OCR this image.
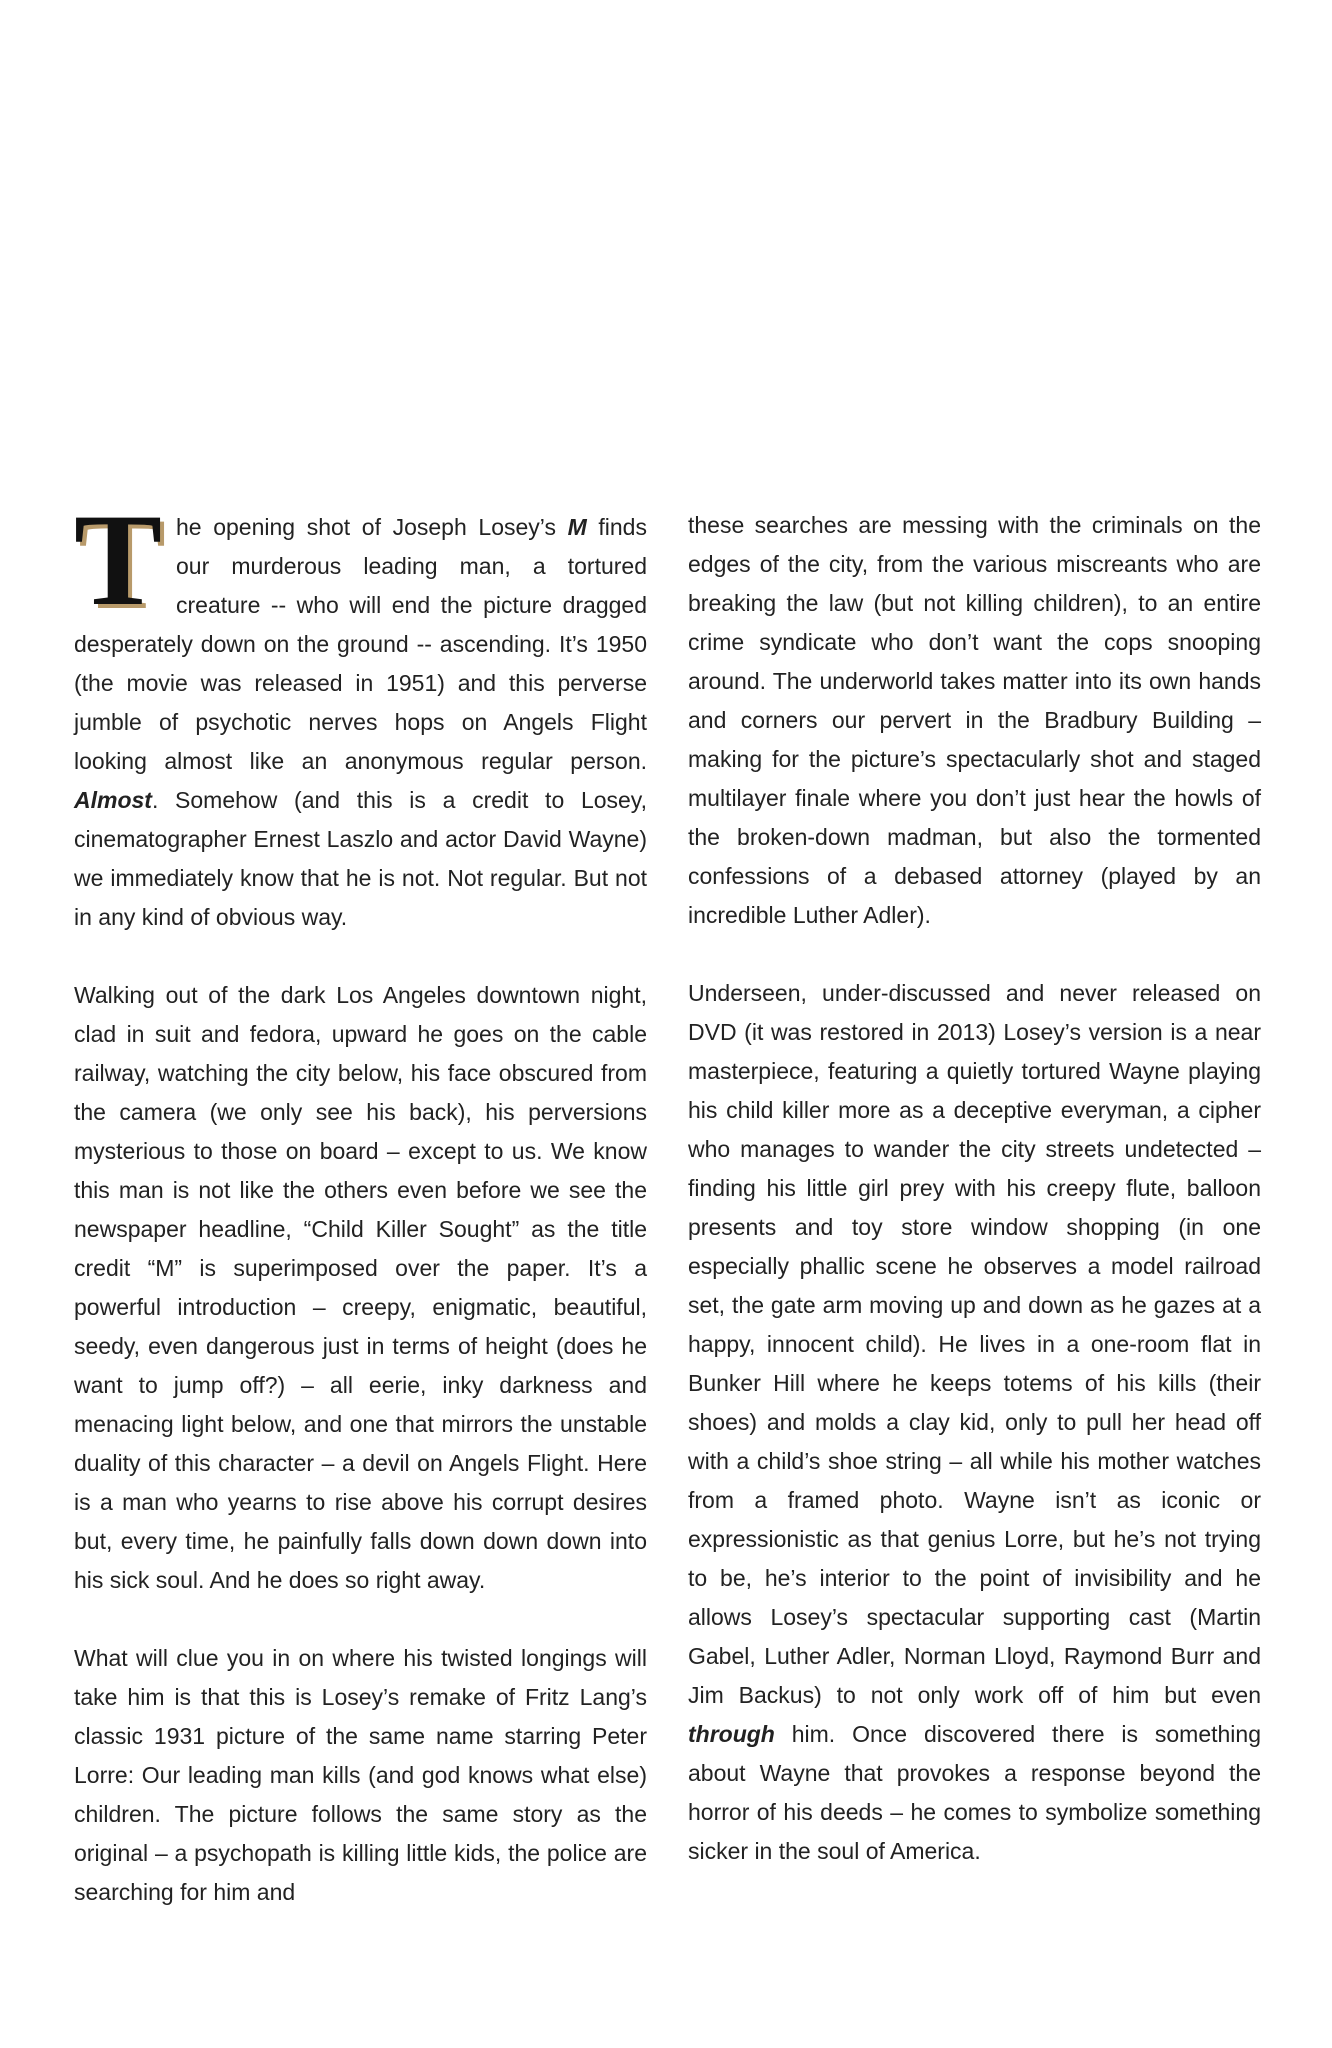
T he opening shot of Joseph Losey’s M finds our murderous leading man, a tortured creature -- who will end the picture dragged desperately down on the ground -- ascending. It’s 1950 (the movie was released in 1951) and this perverse jumble of psychotic nerves hops on Angels Flight looking almost like an anonymous regular person. Almost. Somehow (and this is a credit to Losey, cinematographer Ernest Laszlo and actor David Wayne) we immediately know that he is not. Not regular. But not in any kind of obvious way.

Walking out of the dark Los Angeles downtown night, clad in suit and fedora, upward he goes on the cable railway, watching the city below, his face obscured from the camera (we only see his back), his perversions mysterious to those on board – except to us. We know this man is not like the others even before we see the newspaper headline, “Child Killer Sought” as the title credit “M” is superimposed over the paper. It’s a powerful introduction – creepy, enigmatic, beautiful, seedy, even dangerous just in terms of height (does he want to jump off?) – all eerie, inky darkness and menacing light below, and one that mirrors the unstable duality of this character – a devil on Angels Flight. Here is a man who yearns to rise above his corrupt desires but, every time, he painfully falls down down down into his sick soul. And he does so right away.

What will clue you in on where his twisted longings will take him is that this is Losey’s remake of Fritz Lang’s classic 1931 picture of the same name starring Peter Lorre: Our leading man kills (and god knows what else) children. The picture follows the same story as the original – a psychopath is killing little kids, the police are searching for him and

these searches are messing with the criminals on the edges of the city, from the various miscreants who are breaking the law (but not killing children), to an entire crime syndicate who don’t want the cops snooping around. The underworld takes matter into its own hands and corners our pervert in the Bradbury Building – making for the picture’s spectacularly shot and staged multilayer finale where you don’t just hear the howls of the broken-down madman, but also the tormented confessions of a debased attorney (played by an incredible Luther Adler).

Underseen, under-discussed and never released on DVD (it was restored in 2013) Losey’s version is a near masterpiece, featuring a quietly tortured Wayne playing his child killer more as a deceptive everyman, a cipher who manages to wander the city streets undetected – finding his little girl prey with his creepy flute, balloon presents and toy store window shopping (in one especially phallic scene he observes a model railroad set, the gate arm moving up and down as he gazes at a happy, innocent child). He lives in a one-room flat in Bunker Hill where he keeps totems of his kills (their shoes) and molds a clay kid, only to pull her head off with a child’s shoe string – all while his mother watches from a framed photo. Wayne isn’t as iconic or expressionistic as that genius Lorre, but he’s not trying to be, he’s interior to the point of invisibility and he allows Losey’s spectacular supporting cast (Martin Gabel, Luther Adler, Norman Lloyd, Raymond Burr and Jim Backus) to not only work off of him but even through him. Once discovered there is something about Wayne that provokes a response beyond the horror of his deeds – he comes to symbolize something sicker in the soul of America.
